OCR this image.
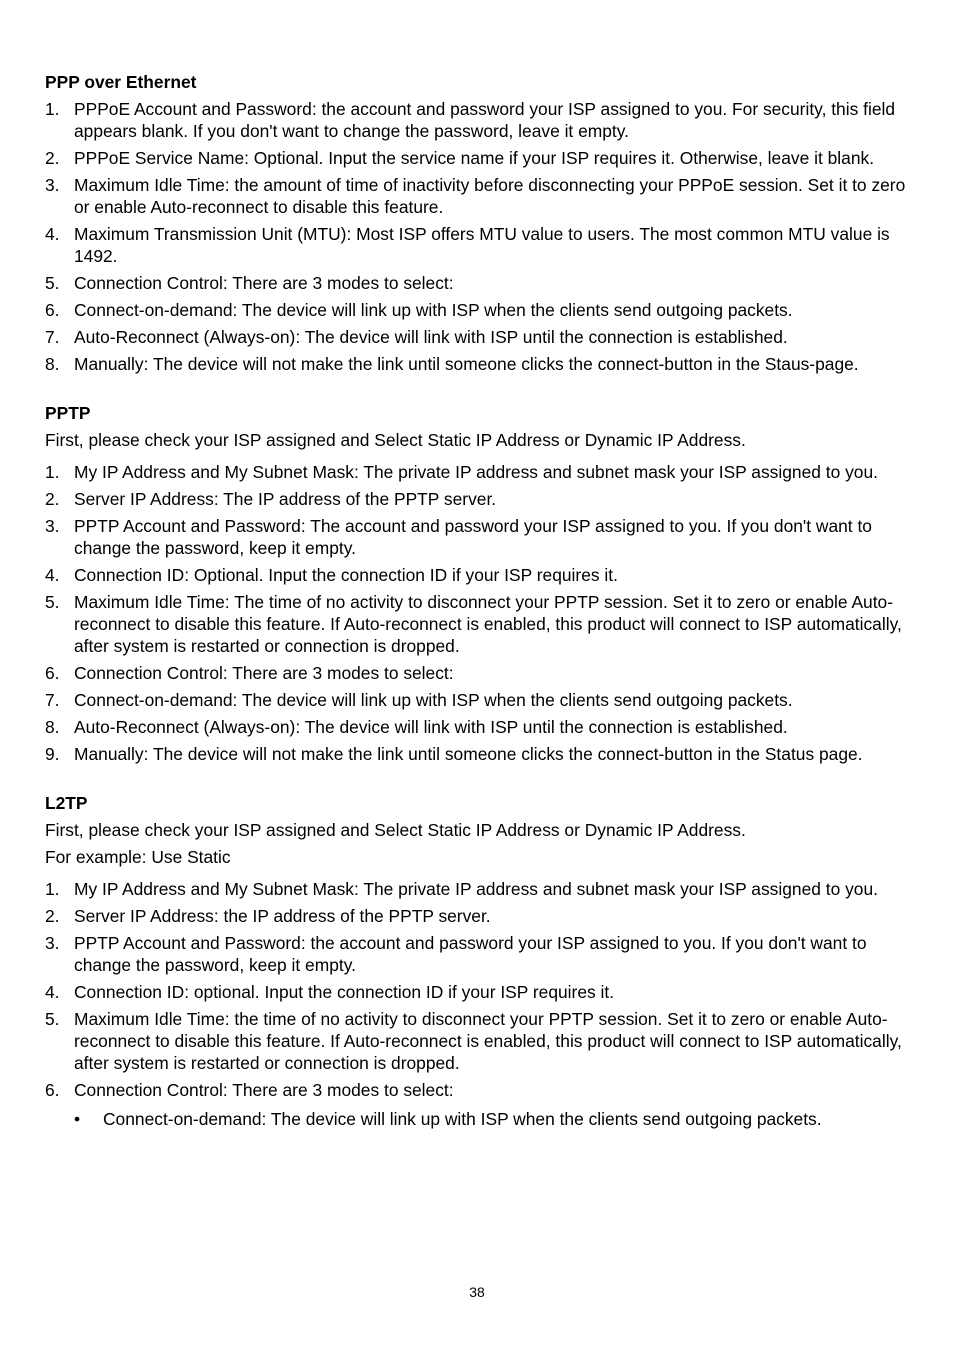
PPP over Ethernet
1. PPPoE Account and Password: the account and password your ISP assigned to you. For security, this field appears blank. If you don't want to change the password, leave it empty.
2. PPPoE Service Name: Optional. Input the service name if your ISP requires it. Otherwise, leave it blank.
3. Maximum Idle Time: the amount of time of inactivity before disconnecting your PPPoE session. Set it to zero or enable Auto-reconnect to disable this feature.
4. Maximum Transmission Unit (MTU): Most ISP offers MTU value to users. The most common MTU value is 1492.
5. Connection Control: There are 3 modes to select:
6. Connect-on-demand: The device will link up with ISP when the clients send outgoing packets.
7. Auto-Reconnect (Always-on): The device will link with ISP until the connection is established.
8. Manually: The device will not make the link until someone clicks the connect-button in the Staus-page.
PPTP

First, please check your ISP assigned and Select Static IP Address or Dynamic IP Address.

1. My IP Address and My Subnet Mask: The private IP address and subnet mask your ISP assigned to you.
2. Server IP Address: The IP address of the PPTP server.
3. PPTP Account and Password: The account and password your ISP assigned to you. If you don't want to change the password, keep it empty.
4. Connection ID: Optional. Input the connection ID if your ISP requires it.
5. Maximum Idle Time: The time of no activity to disconnect your PPTP session. Set it to zero or enable Auto-reconnect to disable this feature. If Auto-reconnect is enabled, this product will connect to ISP automatically, after system is restarted or connection is dropped.
6. Connection Control: There are 3 modes to select:
7. Connect-on-demand: The device will link up with ISP when the clients send outgoing packets.
8. Auto-Reconnect (Always-on): The device will link with ISP until the connection is established.
9. Manually: The device will not make the link until someone clicks the connect-button in the Status page.
L2TP

First, please check your ISP assigned and Select Static IP Address or Dynamic IP Address.

For example: Use Static

1. My IP Address and My Subnet Mask: The private IP address and subnet mask your ISP assigned to you.
2. Server IP Address: the IP address of the PPTP server.
3. PPTP Account and Password: the account and password your ISP assigned to you. If you don't want to change the password, keep it empty.
4. Connection ID: optional. Input the connection ID if your ISP requires it.
5. Maximum Idle Time: the time of no activity to disconnect your PPTP session. Set it to zero or enable Auto-reconnect to disable this feature. If Auto-reconnect is enabled, this product will connect to ISP automatically, after system is restarted or connection is dropped.
6. Connection Control: There are 3 modes to select:
• Connect-on-demand: The device will link up with ISP when the clients send outgoing packets.
38
